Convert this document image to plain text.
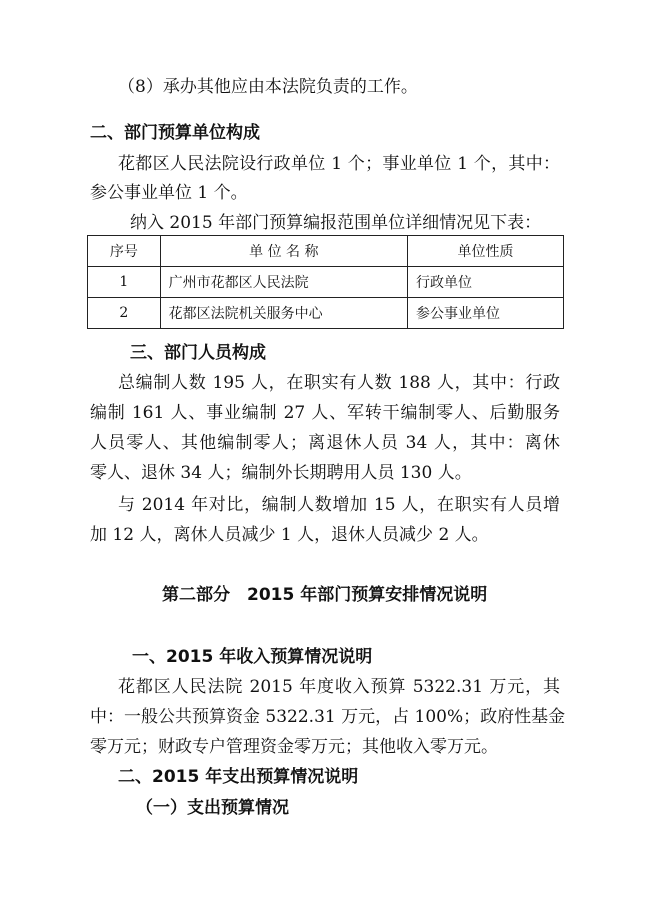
（8）承办其他应由本法院负责的工作。
二、部门预算单位构成
花都区人民法院设行政单位 1 个；事业单位 1 个，其中：
参公事业单位 1 个。
纳入 2015 年部门预算编报范围单位详细情况见下表：
序号	单 位 名 称	单位性质
1	广州市花都区人民法院	行政单位
2	花都区法院机关服务中心	参公事业单位
三、部门人员构成
总编制人数 195 人，在职实有人数 188 人，其中：行政
编制 161 人、事业编制 27 人、军转干编制零人、后勤服务
人员零人、其他编制零人；离退休人员 34 人，其中：离休
零人、退休 34 人；编制外长期聘用人员 130 人。
与 2014 年对比，编制人数增加 15 人，在职实有人员增
加 12 人，离休人员减少 1 人，退休人员减少 2 人。
第二部分　2015 年部门预算安排情况说明
一、2015 年收入预算情况说明
花都区人民法院 2015 年度收入预算 5322.31 万元，其
中：一般公共预算资金 5322.31 万元，占 100%；政府性基金
零万元；财政专户管理资金零万元；其他收入零万元。
二、2015 年支出预算情况说明
（一）支出预算情况
